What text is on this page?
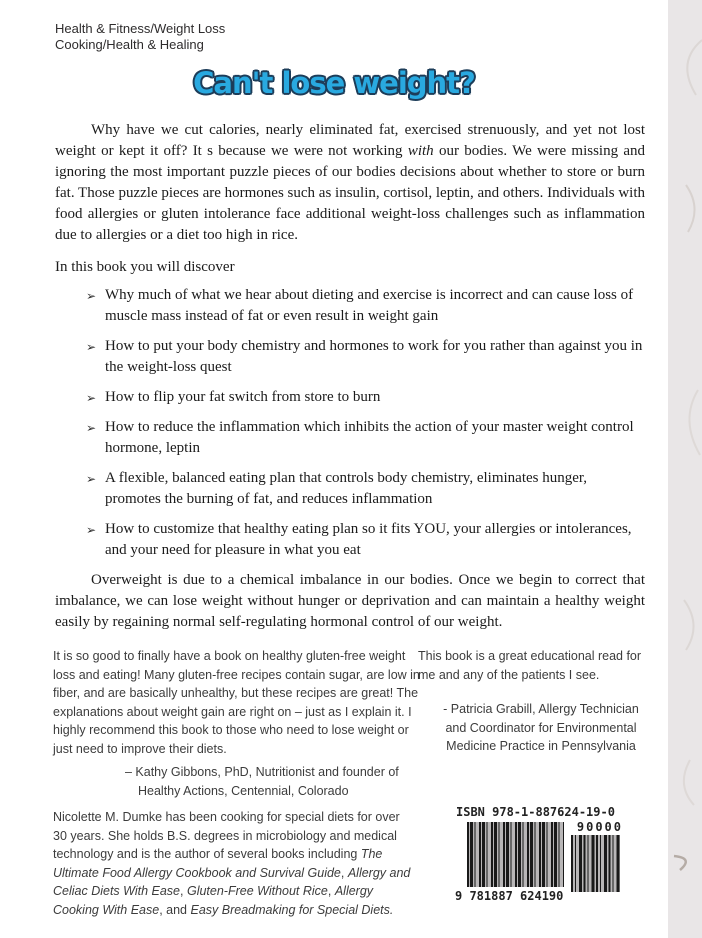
Health & Fitness/Weight Loss
Cooking/Health & Healing
Can't lose weight?

Why have we cut calories, nearly eliminated fat, exercised strenuously, and yet not lost weight or kept it off? It s because we were not working with our bodies. We were missing and ignoring the most important puzzle pieces of our bodies decisions about whether to store or burn fat. Those puzzle pieces are hormones such as insulin, cortisol, leptin, and others. Individuals with food allergies or gluten intolerance face additional weight-loss challenges such as inflammation due to allergies or a diet too high in rice.

In this book you will discover

➢ Why much of what we hear about dieting and exercise is incorrect and can cause loss of muscle mass instead of fat or even result in weight gain
➢ How to put your body chemistry and hormones to work for you rather than against you in the weight-loss quest
➢ How to flip your fat switch from store to burn
➢ How to reduce the inflammation which inhibits the action of your master weight control hormone, leptin
➢ A flexible, balanced eating plan that controls body chemistry, eliminates hunger, promotes the burning of fat, and reduces inflammation
➢ How to customize that healthy eating plan so it fits YOU, your allergies or intolerances, and your need for pleasure in what you eat

Overweight is due to a chemical imbalance in our bodies. Once we begin to correct that imbalance, we can lose weight without hunger or deprivation and can maintain a healthy weight easily by regaining normal self-regulating hormonal control of our weight.

It is so good to finally have a book on healthy gluten-free weight loss and eating! Many gluten-free recipes contain sugar, are low in fiber, and are basically unhealthy, but these recipes are great! The explanations about weight gain are right on – just as I explain it. I highly recommend this book to those who need to lose weight or just need to improve their diets.
– Kathy Gibbons, PhD, Nutritionist and founder of Healthy Actions, Centennial, Colorado
This book is a great educational read for me and any of the patients I see.
- Patricia Grabill, Allergy Technician and Coordinator for Environmental Medicine Practice in Pennsylvania
Nicolette M. Dumke has been cooking for special diets for over 30 years. She holds B.S. degrees in microbiology and medical technology and is the author of several books including The Ultimate Food Allergy Cookbook and Survival Guide, Allergy and Celiac Diets With Ease, Gluten-Free Without Rice, Allergy Cooking With Ease, and Easy Breadmaking for Special Diets.
ISBN 978-1-887624-19-0
90000
9 781887 624190
